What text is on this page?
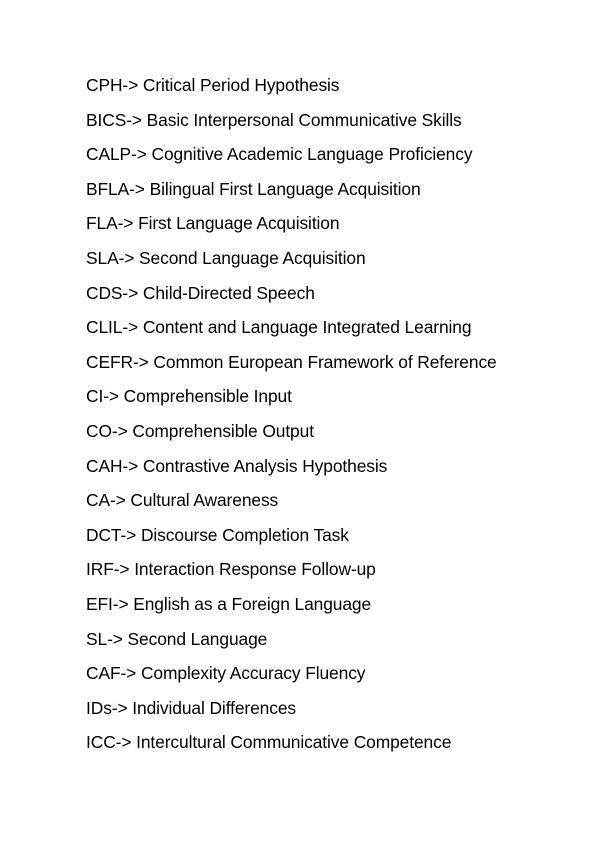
CPH-> Critical Period Hypothesis
BICS-> Basic Interpersonal Communicative Skills
CALP-> Cognitive Academic Language Proficiency
BFLA-> Bilingual First Language Acquisition
FLA-> First Language Acquisition
SLA-> Second Language Acquisition
CDS-> Child-Directed Speech
CLIL-> Content and Language Integrated Learning
CEFR-> Common European Framework of Reference
CI-> Comprehensible Input
CO-> Comprehensible Output
CAH-> Contrastive Analysis Hypothesis
CA-> Cultural Awareness
DCT-> Discourse Completion Task
IRF-> Interaction Response Follow-up
EFI-> English as a Foreign Language
SL-> Second Language
CAF-> Complexity Accuracy Fluency
IDs-> Individual Differences
ICC-> Intercultural Communicative Competence
